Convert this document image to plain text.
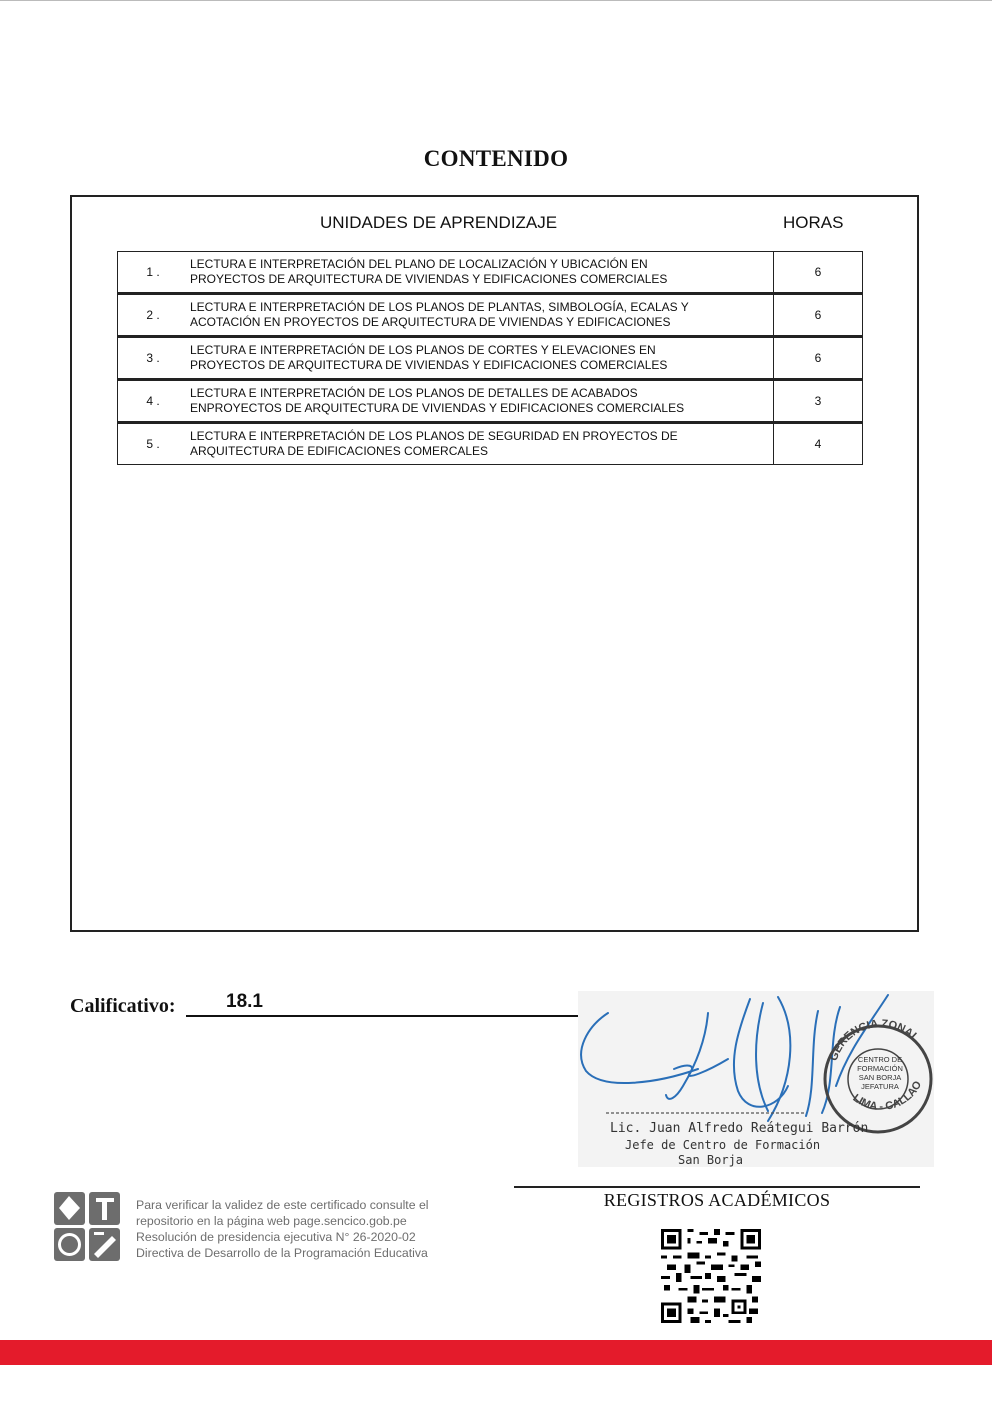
CONTENIDO
UNIDADES DE APRENDIZAJE	HORAS
1 .	LECTURA E INTERPRETACIÓN DEL PLANO DE LOCALIZACIÓN Y UBICACIÓN EN
PROYECTOS DE ARQUITECTURA DE VIVIENDAS Y EDIFICACIONES COMERCIALES	6
2 .	LECTURA E INTERPRETACIÓN DE LOS PLANOS DE PLANTAS, SIMBOLOGÍA, ECALAS Y
ACOTACIÓN EN PROYECTOS DE ARQUITECTURA DE VIVIENDAS Y EDIFICACIONES	6
3 .	LECTURA E INTERPRETACIÓN DE LOS PLANOS DE CORTES Y ELEVACIONES EN
PROYECTOS DE ARQUITECTURA DE VIVIENDAS Y EDIFICACIONES COMERCIALES	6
4 .	LECTURA E INTERPRETACIÓN DE LOS PLANOS DE DETALLES DE ACABADOS
ENPROYECTOS DE ARQUITECTURA DE VIVIENDAS Y EDIFICACIONES COMERCIALES	3
5 .	LECTURA E INTERPRETACIÓN DE LOS PLANOS DE SEGURIDAD EN PROYECTOS DE
ARQUITECTURA DE EDIFICACIONES COMERCALES	4
Calificativo:	18.1
GERENCIA ZONAL
LIMA - CALLAO
CENTRO DE
FORMACIÓN
SAN BORJA
JEFATURA
Lic. Juan Alfredo Reátegui Barrón
Jefe de Centro de Formación
San Borja
REGISTROS ACADÉMICOS
Para verificar la validez de este certificado consulte el
repositorio en la página web page.sencico.gob.pe
Resolución de presidencia ejecutiva N° 26-2020-02
Directiva de Desarrollo de la Programación Educativa
